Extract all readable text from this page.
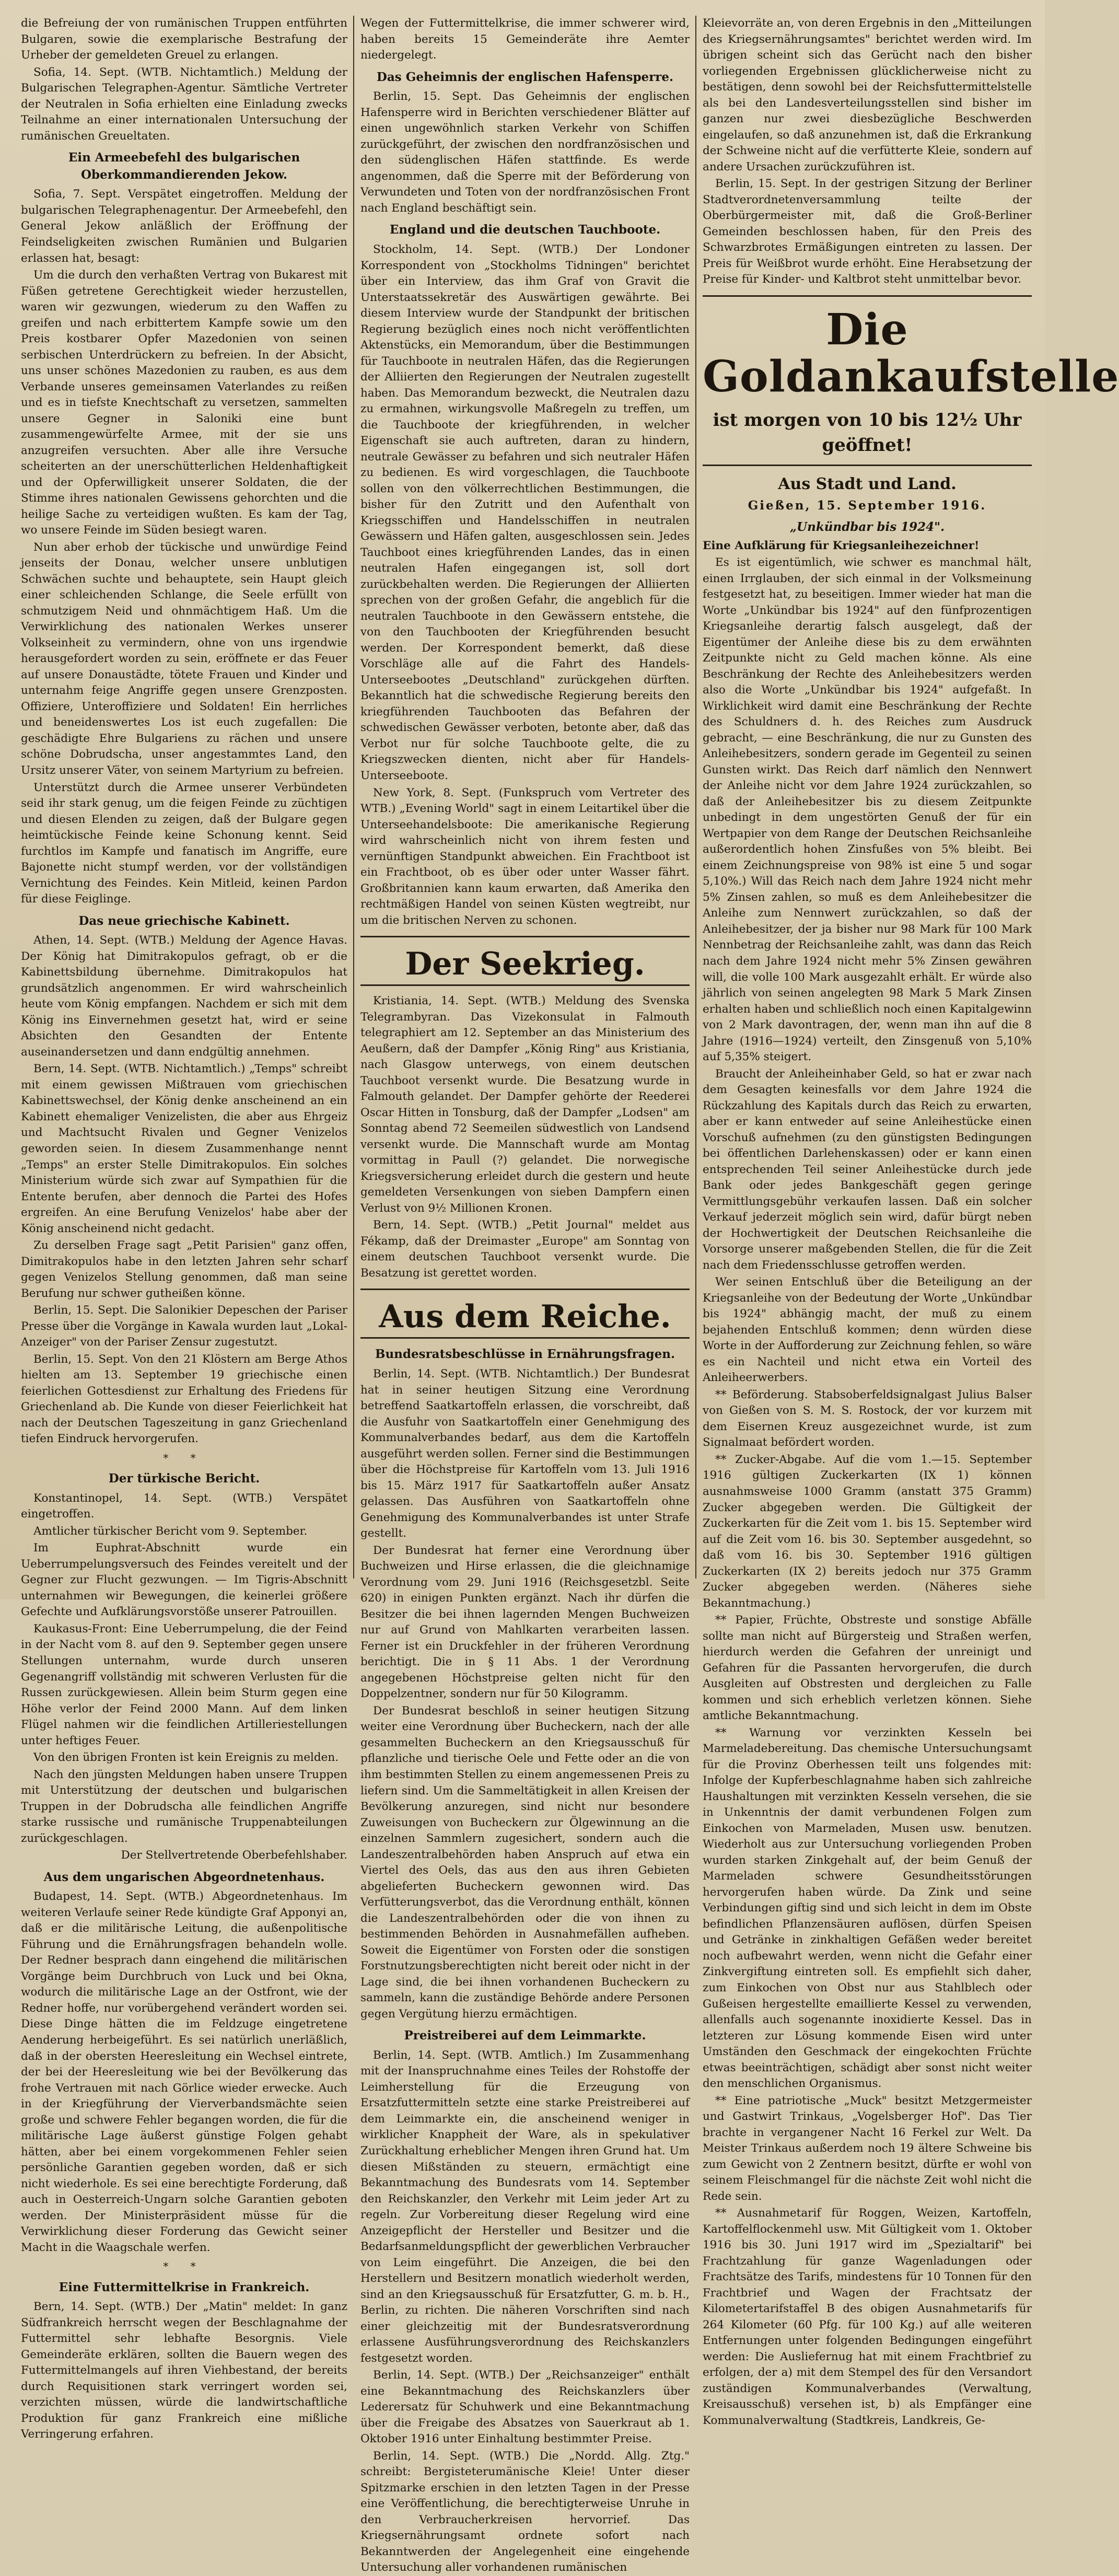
die Befreiung der von rumänischen Truppen entführten Bulgaren, sowie die exemplarische Bestrafung der Urheber der gemeldeten Greuel zu erlangen.

Sofia, 14. Sept. (WTB. Nichtamtlich.) Meldung der Bulgarischen Telegraphen-Agentur. Sämtliche Vertreter der Neutralen in Sofia erhielten eine Einladung zwecks Teilnahme an einer internationalen Untersuchung der rumänischen Greueltaten.

Ein Armeebefehl des bulgarischen Oberkommandierenden Jekow.

Sofia, 7. Sept. Verspätet eingetroffen. Meldung der bulgarischen Telegraphenagentur. Der Armeebefehl, den General Jekow anläßlich der Eröffnung der Feindseligkeiten zwischen Rumänien und Bulgarien erlassen hat, besagt:

Um die durch den verhaßten Vertrag von Bukarest mit Füßen getretene Gerechtigkeit wieder herzustellen, waren wir gezwungen, wiederum zu den Waffen zu greifen und nach erbittertem Kampfe sowie um den Preis kostbarer Opfer Mazedonien von seinen serbischen Unterdrückern zu befreien. In der Absicht, uns unser schönes Mazedonien zu rauben, es aus dem Verbande unseres gemeinsamen Vaterlandes zu reißen und es in tiefste Knechtschaft zu versetzen, sammelten unsere Gegner in Saloniki eine bunt zusammengewürfelte Armee, mit der sie uns anzugreifen versuchten. Aber alle ihre Versuche scheiterten an der unerschütterlichen Heldenhaftigkeit und der Opferwilligkeit unserer Soldaten, die der Stimme ihres nationalen Gewissens gehorchten und die heilige Sache zu verteidigen wußten. Es kam der Tag, wo unsere Feinde im Süden besiegt waren.

Nun aber erhob der tückische und unwürdige Feind jenseits der Donau, welcher unsere unblutigen Schwächen suchte und behauptete, sein Haupt gleich einer schleichenden Schlange, die Seele erfüllt von schmutzigem Neid und ohnmächtigem Haß. Um die Verwirklichung des nationalen Werkes unserer Volkseinheit zu vermindern, ohne von uns irgendwie herausgefordert worden zu sein, eröffnete er das Feuer auf unsere Donaustädte, tötete Frauen und Kinder und unternahm feige Angriffe gegen unsere Grenzposten. Offiziere, Unteroffiziere und Soldaten! Ein herrliches und beneidenswertes Los ist euch zugefallen: Die geschädigte Ehre Bulgariens zu rächen und unsere schöne Dobrudscha, unser angestammtes Land, den Ursitz unserer Väter, von seinem Martyrium zu befreien.

Unterstützt durch die Armee unserer Verbündeten seid ihr stark genug, um die feigen Feinde zu züchtigen und diesen Elenden zu zeigen, daß der Bulgare gegen heimtückische Feinde keine Schonung kennt. Seid furchtlos im Kampfe und fanatisch im Angriffe, eure Bajonette nicht stumpf werden, vor der vollständigen Vernichtung des Feindes. Kein Mitleid, keinen Pardon für diese Feiglinge.

Das neue griechische Kabinett.

Athen, 14. Sept. (WTB.) Meldung der Agence Havas. Der König hat Dimitrakopulos gefragt, ob er die Kabinettsbildung übernehme. Dimitrakopulos hat grundsätzlich angenommen. Er wird wahrscheinlich heute vom König empfangen. Nachdem er sich mit dem König ins Einvernehmen gesetzt hat, wird er seine Absichten den Gesandten der Entente auseinandersetzen und dann endgültig annehmen.

Bern, 14. Sept. (WTB. Nichtamtlich.) „Temps" schreibt mit einem gewissen Mißtrauen vom griechischen Kabinettswechsel, der König denke anscheinend an ein Kabinett ehemaliger Venizelisten, die aber aus Ehrgeiz und Machtsucht Rivalen und Gegner Venizelos geworden seien. In diesem Zusammenhange nennt „Temps" an erster Stelle Dimitrakopulos. Ein solches Ministerium würde sich zwar auf Sympathien für die Entente berufen, aber dennoch die Partei des Hofes ergreifen. An eine Berufung Venizelos' habe aber der König anscheinend nicht gedacht.

Zu derselben Frage sagt „Petit Parisien" ganz offen, Dimitrakopulos habe in den letzten Jahren sehr scharf gegen Venizelos Stellung genommen, daß man seine Berufung nur schwer gutheißen könne.

Berlin, 15. Sept. Die Salonikier Depeschen der Pariser Presse über die Vorgänge in Kawala wurden laut „Lokal-Anzeiger" von der Pariser Zensur zugestutzt.

Berlin, 15. Sept. Von den 21 Klöstern am Berge Athos hielten am 13. September 19 griechische einen feierlichen Gottesdienst zur Erhaltung des Friedens für Griechenland ab. Die Kunde von dieser Feierlichkeit hat nach der Deutschen Tageszeitung in ganz Griechenland tiefen Eindruck hervorgerufen.

* *
Der türkische Bericht.

Konstantinopel, 14. Sept. (WTB.) Verspätet eingetroffen.

Amtlicher türkischer Bericht vom 9. September.

Im Euphrat-Abschnitt wurde ein Ueberrumpelungsversuch des Feindes vereitelt und der Gegner zur Flucht gezwungen. — Im Tigris-Abschnitt unternahmen wir Bewegungen, die keinerlei größere Gefechte und Aufklärungsvorstöße unserer Patrouillen.

Kaukasus-Front: Eine Ueberrumpelung, die der Feind in der Nacht vom 8. auf den 9. September gegen unsere Stellungen unternahm, wurde durch unseren Gegenangriff vollständig mit schweren Verlusten für die Russen zurückgewiesen. Allein beim Sturm gegen eine Höhe verlor der Feind 2000 Mann. Auf dem linken Flügel nahmen wir die feindlichen Artilleriestellungen unter heftiges Feuer.

Von den übrigen Fronten ist kein Ereignis zu melden.

Nach den jüngsten Meldungen haben unsere Truppen mit Unterstützung der deutschen und bulgarischen Truppen in der Dobrudscha alle feindlichen Angriffe starke russische und rumänische Truppenabteilungen zurückgeschlagen.

Der Stellvertretende Oberbefehlshaber.

Aus dem ungarischen Abgeordnetenhaus.

Budapest, 14. Sept. (WTB.) Abgeordnetenhaus. Im weiteren Verlaufe seiner Rede kündigte Graf Apponyi an, daß er die militärische Leitung, die außenpolitische Führung und die Ernährungsfragen behandeln wolle. Der Redner besprach dann eingehend die militärischen Vorgänge beim Durchbruch von Luck und bei Okna, wodurch die militärische Lage an der Ostfront, wie der Redner hoffe, nur vorübergehend verändert worden sei. Diese Dinge hätten die im Feldzuge eingetretene Aenderung herbeigeführt. Es sei natürlich unerläßlich, daß in der obersten Heeresleitung ein Wechsel eintrete, der bei der Heeresleitung wie bei der Bevölkerung das frohe Vertrauen mit nach Görlice wieder erwecke. Auch in der Kriegführung der Vierverbandsmächte seien große und schwere Fehler begangen worden, die für die militärische Lage äußerst günstige Folgen gehabt hätten, aber bei einem vorgekommenen Fehler seien persönliche Garantien gegeben worden, daß er sich nicht wiederhole. Es sei eine berechtigte Forderung, daß auch in Oesterreich-Ungarn solche Garantien geboten werden. Der Ministerpräsident müsse für die Verwirklichung dieser Forderung das Gewicht seiner Macht in die Waagschale werfen.

* *
Eine Futtermittelkrise in Frankreich.

Bern, 14. Sept. (WTB.) Der „Matin" meldet: In ganz Südfrankreich herrscht wegen der Beschlagnahme der Futtermittel sehr lebhafte Besorgnis. Viele Gemeinderäte erklären, sollten die Bauern wegen des Futtermittelmangels auf ihren Viehbestand, der bereits durch Requisitionen stark verringert worden sei, verzichten müssen, würde die landwirtschaftliche Produktion für ganz Frankreich eine mißliche Verringerung erfahren.

Wegen der Futtermittelkrise, die immer schwerer wird, haben bereits 15 Gemeinderäte ihre Aemter niedergelegt.

Das Geheimnis der englischen Hafensperre.

Berlin, 15. Sept. Das Geheimnis der englischen Hafensperre wird in Berichten verschiedener Blätter auf einen ungewöhnlich starken Verkehr von Schiffen zurückgeführt, der zwischen den nordfranzösischen und den südenglischen Häfen stattfinde. Es werde angenommen, daß die Sperre mit der Beförderung von Verwundeten und Toten von der nordfranzösischen Front nach England beschäftigt sein.

England und die deutschen Tauchboote.

Stockholm, 14. Sept. (WTB.) Der Londoner Korrespondent von „Stockholms Tidningen" berichtet über ein Interview, das ihm Graf von Gravit die Unterstaatssekretär des Auswärtigen gewährte. Bei diesem Interview wurde der Standpunkt der britischen Regierung bezüglich eines noch nicht veröffentlichten Aktenstücks, ein Memorandum, über die Bestimmungen für Tauchboote in neutralen Häfen, das die Regierungen der Alliierten den Regierungen der Neutralen zugestellt haben. Das Memorandum bezweckt, die Neutralen dazu zu ermahnen, wirkungsvolle Maßregeln zu treffen, um die Tauchboote der kriegführenden, in welcher Eigenschaft sie auch auftreten, daran zu hindern, neutrale Gewässer zu befahren und sich neutraler Häfen zu bedienen. Es wird vorgeschlagen, die Tauchboote sollen von den völkerrechtlichen Bestimmungen, die bisher für den Zutritt und den Aufenthalt von Kriegsschiffen und Handelsschiffen in neutralen Gewässern und Häfen galten, ausgeschlossen sein. Jedes Tauchboot eines kriegführenden Landes, das in einen neutralen Hafen eingegangen ist, soll dort zurückbehalten werden. Die Regierungen der Alliierten sprechen von der großen Gefahr, die angeblich für die neutralen Tauchboote in den Gewässern entstehe, die von den Tauchbooten der Kriegführenden besucht werden. Der Korrespondent bemerkt, daß diese Vorschläge alle auf die Fahrt des Handels-Unterseebootes „Deutschland" zurückgehen dürften. Bekanntlich hat die schwedische Regierung bereits den kriegführenden Tauchbooten das Befahren der schwedischen Gewässer verboten, betonte aber, daß das Verbot nur für solche Tauchboote gelte, die zu Kriegszwecken dienten, nicht aber für Handels-Unterseeboote.

New York, 8. Sept. (Funkspruch vom Vertreter des WTB.) „Evening World" sagt in einem Leitartikel über die Unterseehandelsboote: Die amerikanische Regierung wird wahrscheinlich nicht von ihrem festen und vernünftigen Standpunkt abweichen. Ein Frachtboot ist ein Frachtboot, ob es über oder unter Wasser fährt. Großbritannien kann kaum erwarten, daß Amerika den rechtmäßigen Handel von seinen Küsten wegtreibt, nur um die britischen Nerven zu schonen.

Der Seekrieg.

Kristiania, 14. Sept. (WTB.) Meldung des Svenska Telegrambyran. Das Vizekonsulat in Falmouth telegraphiert am 12. September an das Ministerium des Aeußern, daß der Dampfer „König Ring" aus Kristiania, nach Glasgow unterwegs, von einem deutschen Tauchboot versenkt wurde. Die Besatzung wurde in Falmouth gelandet. Der Dampfer gehörte der Reederei Oscar Hitten in Tonsburg, daß der Dampfer „Lodsen" am Sonntag abend 72 Seemeilen südwestlich von Landsend versenkt wurde. Die Mannschaft wurde am Montag vormittag in Paull (?) gelandet. Die norwegische Kriegsversicherung erleidet durch die gestern und heute gemeldeten Versenkungen von sieben Dampfern einen Verlust von 9½ Millionen Kronen.

Bern, 14. Sept. (WTB.) „Petit Journal" meldet aus Fékamp, daß der Dreimaster „Europe" am Sonntag von einem deutschen Tauchboot versenkt wurde. Die Besatzung ist gerettet worden.

Aus dem Reiche.
Bundesratsbeschlüsse in Ernährungsfragen.

Berlin, 14. Sept. (WTB. Nichtamtlich.) Der Bundesrat hat in seiner heutigen Sitzung eine Verordnung betreffend Saatkartoffeln erlassen, die vorschreibt, daß die Ausfuhr von Saatkartoffeln einer Genehmigung des Kommunalverbandes bedarf, aus dem die Kartoffeln ausgeführt werden sollen. Ferner sind die Bestimmungen über die Höchstpreise für Kartoffeln vom 13. Juli 1916 bis 15. März 1917 für Saatkartoffeln außer Ansatz gelassen. Das Ausführen von Saatkartoffeln ohne Genehmigung des Kommunalverbandes ist unter Strafe gestellt.

Der Bundesrat hat ferner eine Verordnung über Buchweizen und Hirse erlassen, die die gleichnamige Verordnung vom 29. Juni 1916 (Reichsgesetzbl. Seite 620) in einigen Punkten ergänzt. Nach ihr dürfen die Besitzer die bei ihnen lagernden Mengen Buchweizen nur auf Grund von Mahlkarten verarbeiten lassen. Ferner ist ein Druckfehler in der früheren Verordnung berichtigt. Die in § 11 Abs. 1 der Verordnung angegebenen Höchstpreise gelten nicht für den Doppelzentner, sondern nur für 50 Kilogramm.

Der Bundesrat beschloß in seiner heutigen Sitzung weiter eine Verordnung über Bucheckern, nach der alle gesammelten Bucheckern an den Kriegsausschuß für pflanzliche und tierische Oele und Fette oder an die von ihm bestimmten Stellen zu einem angemessenen Preis zu liefern sind. Um die Sammeltätigkeit in allen Kreisen der Bevölkerung anzuregen, sind nicht nur besondere Zuweisungen von Bucheckern zur Ölgewinnung an die einzelnen Sammlern zugesichert, sondern auch die Landeszentralbehörden haben Anspruch auf etwa ein Viertel des Oels, das aus den aus ihren Gebieten abgelieferten Bucheckern gewonnen wird. Das Verfütterungsverbot, das die Verordnung enthält, können die Landeszentralbehörden oder die von ihnen zu bestimmenden Behörden in Ausnahmefällen aufheben. Soweit die Eigentümer von Forsten oder die sonstigen Forstnutzungsberechtigten nicht bereit oder nicht in der Lage sind, die bei ihnen vorhandenen Bucheckern zu sammeln, kann die zuständige Behörde andere Personen gegen Vergütung hierzu ermächtigen.

Preistreiberei auf dem Leimmarkte.

Berlin, 14. Sept. (WTB. Amtlich.) Im Zusammenhang mit der Inanspruchnahme eines Teiles der Rohstoffe der Leimherstellung für die Erzeugung von Ersatzfuttermitteln setzte eine starke Preistreiberei auf dem Leimmarkte ein, die anscheinend weniger in wirklicher Knappheit der Ware, als in spekulativer Zurückhaltung erheblicher Mengen ihren Grund hat. Um diesen Mißständen zu steuern, ermächtigt eine Bekanntmachung des Bundesrats vom 14. September den Reichskanzler, den Verkehr mit Leim jeder Art zu regeln. Zur Vorbereitung dieser Regelung wird eine Anzeigepflicht der Hersteller und Besitzer und die Bedarfsanmeldungspflicht der gewerblichen Verbraucher von Leim eingeführt. Die Anzeigen, die bei den Herstellern und Besitzern monatlich wiederholt werden, sind an den Kriegsausschuß für Ersatzfutter, G. m. b. H., Berlin, zu richten. Die näheren Vorschriften sind nach einer gleichzeitig mit der Bundesratsverordnung erlassene Ausführungsverordnung des Reichskanzlers festgesetzt worden.

Berlin, 14. Sept. (WTB.) Der „Reichsanzeiger" enthält eine Bekanntmachung des Reichskanzlers über Lederersatz für Schuhwerk und eine Bekanntmachung über die Freigabe des Absatzes von Sauerkraut ab 1. Oktober 1916 unter Einhaltung bestimmter Preise.

Berlin, 14. Sept. (WTB.) Die „Nordd. Allg. Ztg." schreibt: Bergisteterumänische Kleie! Unter dieser Spitzmarke erschien in den letzten Tagen in der Presse eine Veröffentlichung, die berechtigterweise Unruhe in den Verbraucherkreisen hervorrief. Das Kriegsernährungsamt ordnete sofort nach Bekanntwerden der Angelegenheit eine eingehende Untersuchung aller vorhandenen rumänischen

Kleievorräte an, von deren Ergebnis in den „Mitteilungen des Kriegsernährungsamtes" berichtet werden wird. Im übrigen scheint sich das Gerücht nach den bisher vorliegenden Ergebnissen glücklicherweise nicht zu bestätigen, denn sowohl bei der Reichsfuttermittelstelle als bei den Landesverteilungsstellen sind bisher im ganzen nur zwei diesbezügliche Beschwerden eingelaufen, so daß anzunehmen ist, daß die Erkrankung der Schweine nicht auf die verfütterte Kleie, sondern auf andere Ursachen zurückzuführen ist.

Berlin, 15. Sept. In der gestrigen Sitzung der Berliner Stadtverordnetenversammlung teilte der Oberbürgermeister mit, daß die Groß-Berliner Gemeinden beschlossen haben, für den Preis des Schwarzbrotes Ermäßigungen eintreten zu lassen. Der Preis für Weißbrot wurde erhöht. Eine Herabsetzung der Preise für Kinder- und Kaltbrot steht unmittelbar bevor.

Die Goldankaufstelle
ist morgen von 10 bis 12½ Uhr geöffnet!
Aus Stadt und Land.
Gießen, 15. September 1916.
„Unkündbar bis 1924".

Eine Aufklärung für Kriegsanleihezeichner!

Es ist eigentümlich, wie schwer es manchmal hält, einen Irrglauben, der sich einmal in der Volksmeinung festgesetzt hat, zu beseitigen. Immer wieder hat man die Worte „Unkündbar bis 1924" auf den fünfprozentigen Kriegsanleihe derartig falsch ausgelegt, daß der Eigentümer der Anleihe diese bis zu dem erwähnten Zeitpunkte nicht zu Geld machen könne. Als eine Beschränkung der Rechte des Anleihebesitzers werden also die Worte „Unkündbar bis 1924" aufgefaßt. In Wirklichkeit wird damit eine Beschränkung der Rechte des Schuldners d. h. des Reiches zum Ausdruck gebracht, — eine Beschränkung, die nur zu Gunsten des Anleihebesitzers, sondern gerade im Gegenteil zu seinen Gunsten wirkt. Das Reich darf nämlich den Nennwert der Anleihe nicht vor dem Jahre 1924 zurückzahlen, so daß der Anleihebesitzer bis zu diesem Zeitpunkte unbedingt in dem ungestörten Genuß der für ein Wertpapier von dem Range der Deutschen Reichsanleihe außerordentlich hohen Zinsfußes von 5% bleibt. Bei einem Zeichnungspreise von 98% ist eine 5 und sogar 5,10%.) Will das Reich nach dem Jahre 1924 nicht mehr 5% Zinsen zahlen, so muß es dem Anleihebesitzer die Anleihe zum Nennwert zurückzahlen, so daß der Anleihebesitzer, der ja bisher nur 98 Mark für 100 Mark Nennbetrag der Reichsanleihe zahlt, was dann das Reich nach dem Jahre 1924 nicht mehr 5% Zinsen gewähren will, die volle 100 Mark ausgezahlt erhält. Er würde also jährlich von seinen angelegten 98 Mark 5 Mark Zinsen erhalten haben und schließlich noch einen Kapitalgewinn von 2 Mark davontragen, der, wenn man ihn auf die 8 Jahre (1916—1924) verteilt, den Zinsgenuß von 5,10% auf 5,35% steigert.

Braucht der Anleiheinhaber Geld, so hat er zwar nach dem Gesagten keinesfalls vor dem Jahre 1924 die Rückzahlung des Kapitals durch das Reich zu erwarten, aber er kann entweder auf seine Anleihestücke einen Vorschuß aufnehmen (zu den günstigsten Bedingungen bei öffentlichen Darlehenskassen) oder er kann einen entsprechenden Teil seiner Anleihestücke durch jede Bank oder jedes Bankgeschäft gegen geringe Vermittlungsgebühr verkaufen lassen. Daß ein solcher Verkauf jederzeit möglich sein wird, dafür bürgt neben der Hochwertigkeit der Deutschen Reichsanleihe die Vorsorge unserer maßgebenden Stellen, die für die Zeit nach dem Friedensschlusse getroffen werden.

Wer seinen Entschluß über die Beteiligung an der Kriegsanleihe von der Bedeutung der Worte „Unkündbar bis 1924" abhängig macht, der muß zu einem bejahenden Entschluß kommen; denn würden diese Worte in der Aufforderung zur Zeichnung fehlen, so wäre es ein Nachteil und nicht etwa ein Vorteil des Anleiheerwerbers.

** Beförderung. Stabsoberfeldsignalgast Julius Balser von Gießen von S. M. S. Rostock, der vor kurzem mit dem Eisernen Kreuz ausgezeichnet wurde, ist zum Signalmaat befördert worden.

** Zucker-Abgabe. Auf die vom 1.—15. September 1916 gültigen Zuckerkarten (IX 1) können ausnahmsweise 1000 Gramm (anstatt 375 Gramm) Zucker abgegeben werden. Die Gültigkeit der Zuckerkarten für die Zeit vom 1. bis 15. September wird auf die Zeit vom 16. bis 30. September ausgedehnt, so daß vom 16. bis 30. September 1916 gültigen Zuckerkarten (IX 2) bereits jedoch nur 375 Gramm Zucker abgegeben werden. (Näheres siehe Bekanntmachung.)

** Papier, Früchte, Obstreste und sonstige Abfälle sollte man nicht auf Bürgersteig und Straßen werfen, hierdurch werden die Gefahren der unreinigt und Gefahren für die Passanten hervorgerufen, die durch Ausgleiten auf Obstresten und dergleichen zu Falle kommen und sich erheblich verletzen können. Siehe amtliche Bekanntmachung.

** Warnung vor verzinkten Kesseln bei Marmeladebereitung. Das chemische Untersuchungsamt für die Provinz Oberhessen teilt uns folgendes mit: Infolge der Kupferbeschlagnahme haben sich zahlreiche Haushaltungen mit verzinkten Kesseln versehen, die sie in Unkenntnis der damit verbundenen Folgen zum Einkochen von Marmeladen, Musen usw. benutzen. Wiederholt aus zur Untersuchung vorliegenden Proben wurden starken Zinkgehalt auf, der beim Genuß der Marmeladen schwere Gesundheitsstörungen hervorgerufen haben würde. Da Zink und seine Verbindungen giftig sind und sich leicht in dem im Obste befindlichen Pflanzensäuren auflösen, dürfen Speisen und Getränke in zinkhaltigen Gefäßen weder bereitet noch aufbewahrt werden, wenn nicht die Gefahr einer Zinkvergiftung eintreten soll. Es empfiehlt sich daher, zum Einkochen von Obst nur aus Stahlblech oder Gußeisen hergestellte emaillierte Kessel zu verwenden, allenfalls auch sogenannte inoxidierte Kessel. Das in letzteren zur Lösung kommende Eisen wird unter Umständen den Geschmack der eingekochten Früchte etwas beeinträchtigen, schädigt aber sonst nicht weiter den menschlichen Organismus.

** Eine patriotische „Muck" besitzt Metzgermeister und Gastwirt Trinkaus, „Vogelsberger Hof". Das Tier brachte in vergangener Nacht 16 Ferkel zur Welt. Da Meister Trinkaus außerdem noch 19 ältere Schweine bis zum Gewicht von 2 Zentnern besitzt, dürfte er wohl von seinem Fleischmangel für die nächste Zeit wohl nicht die Rede sein.

** Ausnahmetarif für Roggen, Weizen, Kartoffeln, Kartoffelflockenmehl usw. Mit Gültigkeit vom 1. Oktober 1916 bis 30. Juni 1917 wird im „Spezialtarif" bei Frachtzahlung für ganze Wagenladungen oder Frachtsätze des Tarifs, mindestens für 10 Tonnen für den Frachtbrief und Wagen der Frachtsatz der Kilometertarifstaffel B des obigen Ausnahmetarifs für 264 Kilometer (60 Pfg. für 100 Kg.) auf alle weiteren Entfernungen unter folgenden Bedingungen eingeführt werden: Die Ausliefernug hat mit einem Frachtbrief zu erfolgen, der a) mit dem Stempel des für den Versandort zuständigen Kommunalverbandes (Verwaltung, Kreisausschuß) versehen ist, b) als Empfänger eine Kommunalverwaltung (Stadtkreis, Landkreis, Ge-
